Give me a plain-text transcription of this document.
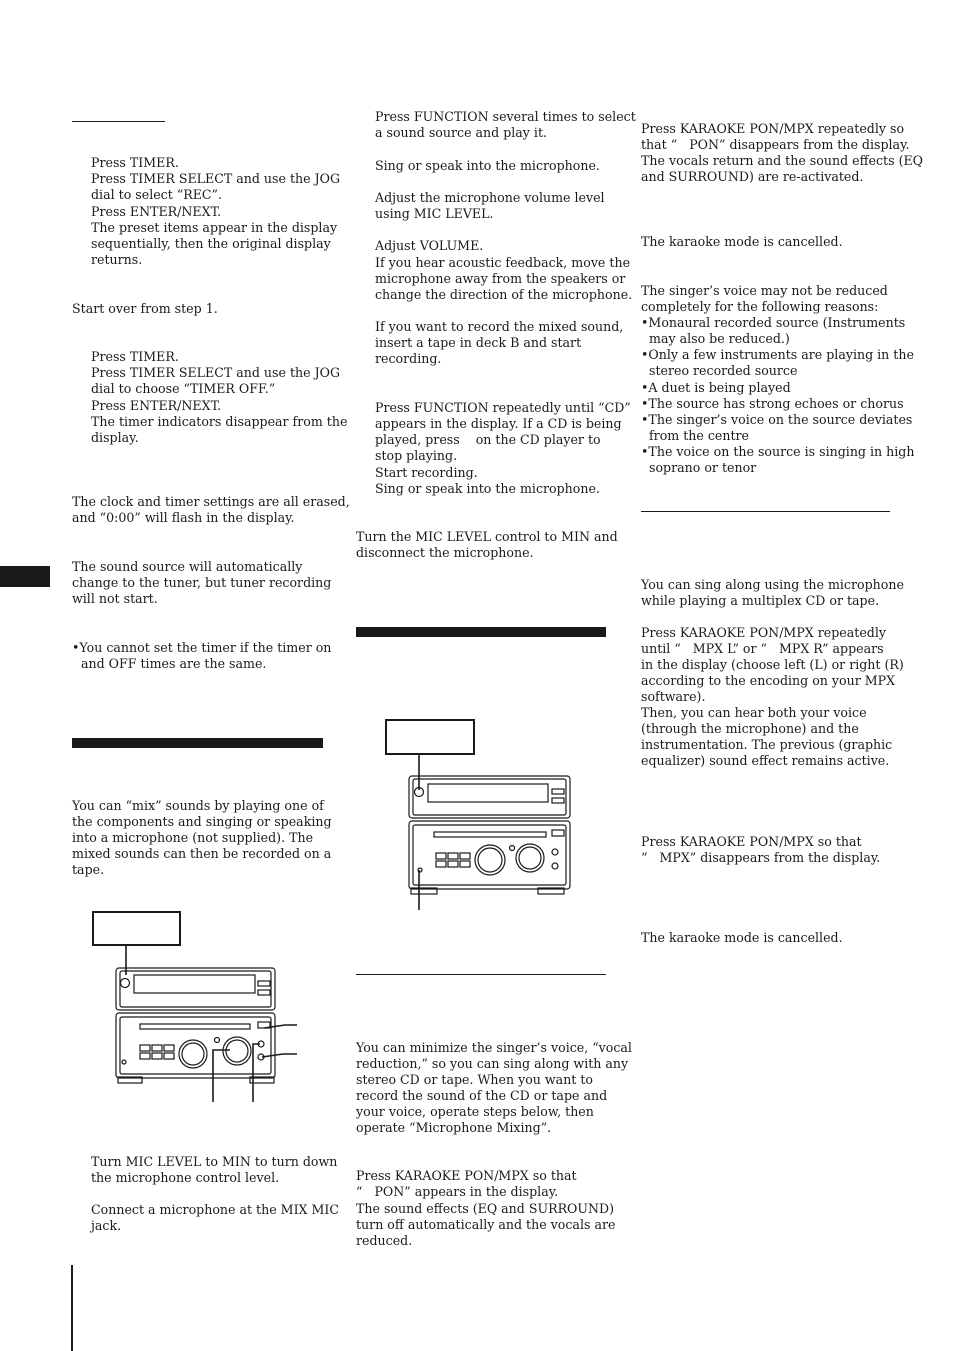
Press TIMER.

Press TIMER SELECT and use the JOG

dial to select “REC”.

Press ENTER/NEXT.

The preset items appear in the display

sequentially, then the original display

returns.

Start over from step 1.

Press TIMER.

Press TIMER SELECT and use the JOG

dial to choose “TIMER OFF.”

Press ENTER/NEXT.

The timer indicators disappear from the

display.

The clock and timer settings are all erased,

and “0:00” will flash in the display.

The sound source will automatically

change to the tuner, but tuner recording

will not start.

•You cannot set the timer if the timer on

and OFF times are the same.

You can “mix” sounds by playing one of

the components and singing or speaking

into a microphone (not supplied). The

mixed sounds can then be recorded on a

tape.

Turn MIC LEVEL to MIN to turn down

the microphone control level.

Connect a microphone at the MIX MIC

jack.

Press FUNCTION several times to select

a sound source and play it.

Sing or speak into the microphone.

Adjust the microphone volume level

using MIC LEVEL.

Adjust VOLUME.

If you hear acoustic feedback, move the

microphone away from the speakers or

change the direction of the microphone.

If you want to record the mixed sound,

insert a tape in deck B and start

recording.

Press FUNCTION repeatedly until “CD”

appears in the display. If a CD is being

played, press    on the CD player to

stop playing.

Start recording.

Sing or speak into the microphone.

Turn the MIC LEVEL control to MIN and

disconnect the microphone.

You can minimize the singer’s voice, “vocal

reduction,” so you can sing along with any

stereo CD or tape. When you want to

record the sound of the CD or tape and

your voice, operate steps below, then

operate “Microphone Mixing”.

Press KARAOKE PON/MPX so that

“   PON” appears in the display.

The sound effects (EQ and SURROUND)

turn off automatically and the vocals are

reduced.

Press KARAOKE PON/MPX repeatedly so

that “   PON” disappears from the display.

The vocals return and the sound effects (EQ

and SURROUND) are re-activated.

The karaoke mode is cancelled.

The singer’s voice may not be reduced

completely for the following reasons:

•Monaural recorded source (Instruments

may also be reduced.)

•Only a few instruments are playing in the

stereo recorded source

•A duet is being played

•The source has strong echoes or chorus

•The singer’s voice on the source deviates

from the centre

•The voice on the source is singing in high

soprano or tenor

You can sing along using the microphone

while playing a multiplex CD or tape.

Press KARAOKE PON/MPX repeatedly

until “   MPX L” or “   MPX R” appears

in the display (choose left (L) or right (R)

according to the encoding on your MPX

software).

Then, you can hear both your voice

(through the microphone) and the

instrumentation. The previous (graphic

equalizer) sound effect remains active.

Press KARAOKE PON/MPX so that

“   MPX” disappears from the display.

The karaoke mode is cancelled.
